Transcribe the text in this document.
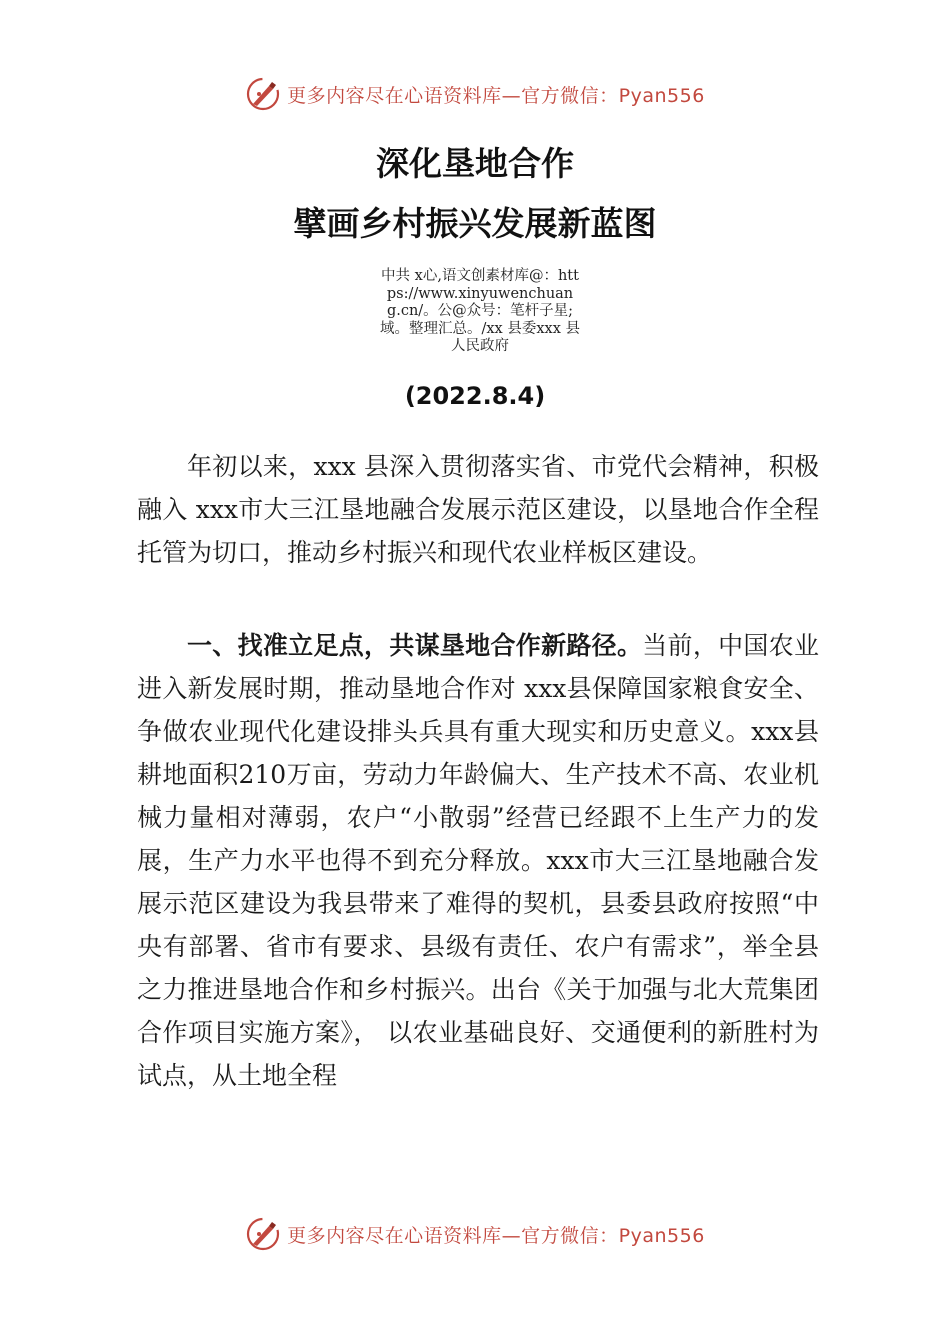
更多内容尽在心语资料库—官方微信：Pyan556
深化垦地合作
擘画乡村振兴发展新蓝图
中共 x心,语文创素材库@：https://www.xinyuwenchuang.cn/。公@众号：笔杆子星;域。整理汇总。/xx 县委xxx 县人民政府
(2022.8.4)
年初以来，xxx 县深入贯彻落实省、市党代会精神，积极融入 xxx市大三江垦地融合发展示范区建设，以垦地合作全程托管为切口，推动乡村振兴和现代农业样板区建设。
一、找准立足点，共谋垦地合作新路径。当前，中国农业进入新发展时期，推动垦地合作对 xxx县保障国家粮食安全、争做农业现代化建设排头兵具有重大现实和历史意义。xxx县耕地面积210万亩，劳动力年龄偏大、生产技术不高、农业机械力量相对薄弱，农户“小散弱”经营已经跟不上生产力的发展，生产力水平也得不到充分释放。xxx市大三江垦地融合发展示范区建设为我县带来了难得的契机，县委县政府按照“中央有部署、省市有要求、县级有责任、农户有需求”，举全县之力推进垦地合作和乡村振兴。出台《关于加强与北大荒集团合作项目实施方案》， 以农业基础良好、交通便利的新胜村为试点，从土地全程
更多内容尽在心语资料库—官方微信：Pyan556
